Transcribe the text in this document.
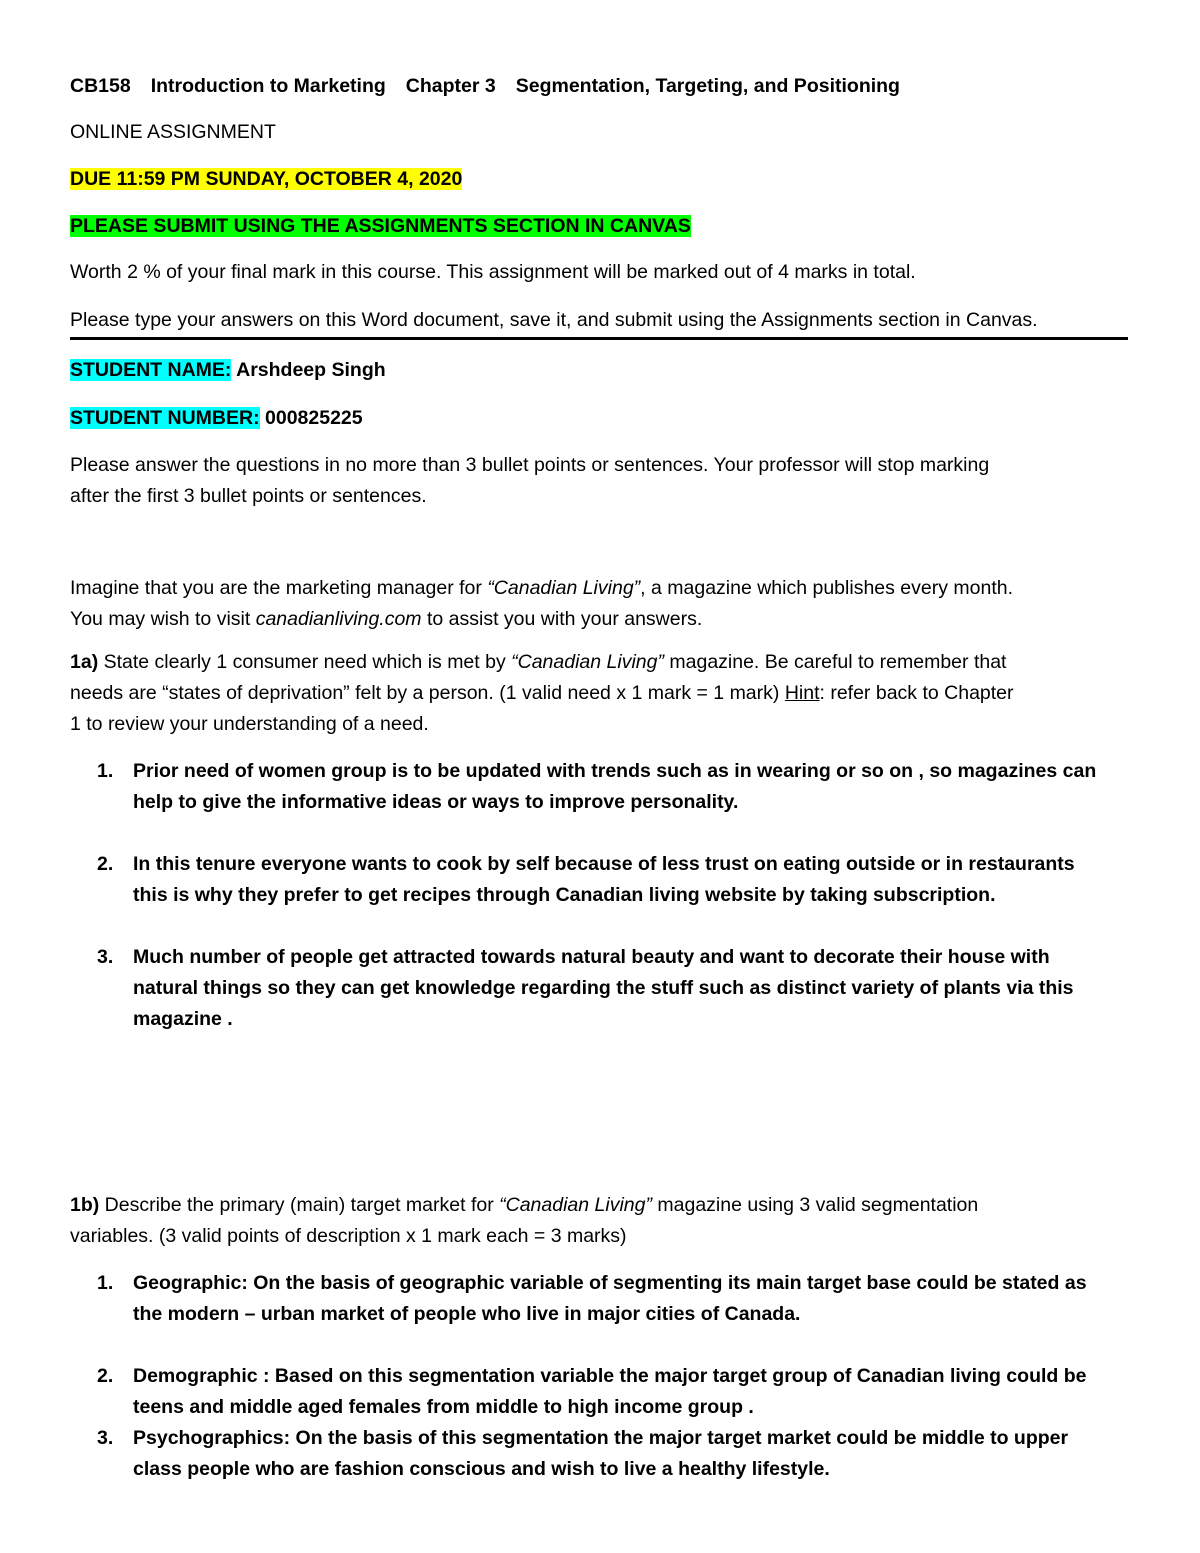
CB158 Introduction to Marketing Chapter 3 Segmentation, Targeting, and Positioning
ONLINE ASSIGNMENT
DUE 11:59 PM SUNDAY, OCTOBER 4, 2020
PLEASE SUBMIT USING THE ASSIGNMENTS SECTION IN CANVAS
Worth 2 % of your final mark in this course. This assignment will be marked out of 4 marks in total.
Please type your answers on this Word document, save it, and submit using the Assignments section in Canvas.
STUDENT NAME: Arshdeep Singh
STUDENT NUMBER: 000825225

Please answer the questions in no more than 3 bullet points or sentences. Your professor will stop marking

after the first 3 bullet points or sentences.

Imagine that you are the marketing manager for “Canadian Living”, a magazine which publishes every month.

You may wish to visit canadianliving.com to assist you with your answers.

1a) State clearly 1 consumer need which is met by “Canadian Living” magazine. Be careful to remember that

needs are “states of deprivation” felt by a person. (1 valid need x 1 mark = 1 mark) Hint: refer back to Chapter

1 to review your understanding of a need.

1. Prior need of women group is to be updated with trends such as in wearing or so on , so magazines can
help to give the informative ideas or ways to improve personality.
2. In this tenure everyone wants to cook by self because of less trust on eating outside or in restaurants
this is why they prefer to get recipes through Canadian living website by taking subscription.
3. Much number of people get attracted towards natural beauty and want to decorate their house with
natural things so they can get knowledge regarding the stuff such as distinct variety of plants via this
magazine .

1b) Describe the primary (main) target market for “Canadian Living” magazine using 3 valid segmentation

variables. (3 valid points of description x 1 mark each = 3 marks)

1. Geographic: On the basis of geographic variable of segmenting its main target base could be stated as
the modern – urban market of people who live in major cities of Canada.
2. Demographic : Based on this segmentation variable the major target group of Canadian living could be
teens and middle aged females from middle to high income group .
3. Psychographics: On the basis of this segmentation the major target market could be middle to upper
class people who are fashion conscious and wish to live a healthy lifestyle.
